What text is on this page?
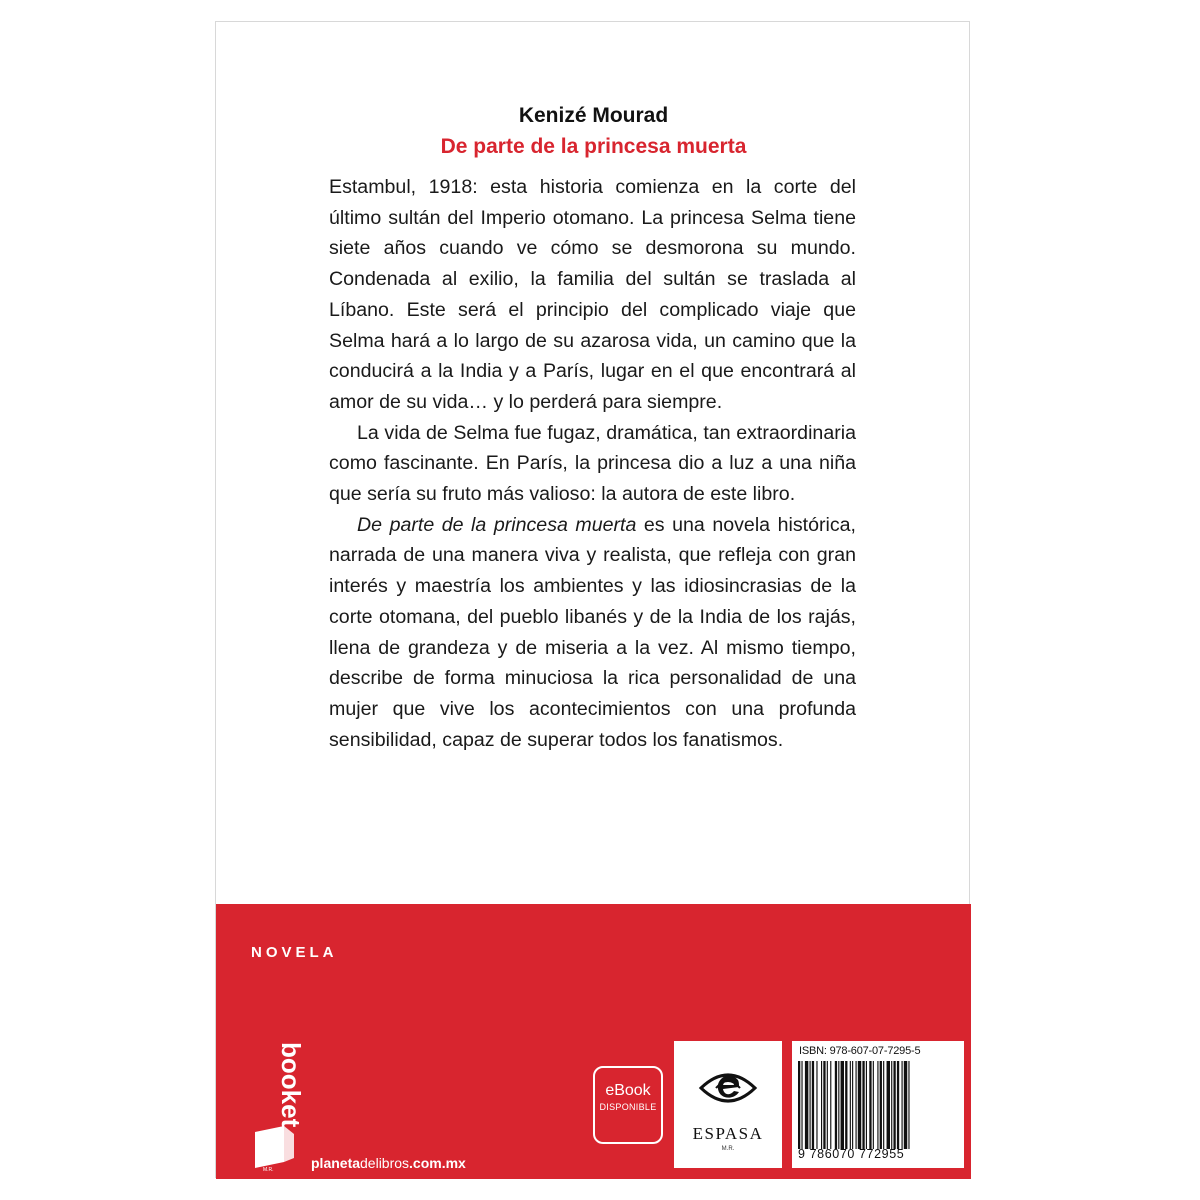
Kenizé Mourad
De parte de la princesa muerta

Estambul, 1918: esta historia comienza en la corte del último sultán del Imperio otomano. La princesa Selma tiene siete años cuando ve cómo se desmorona su mundo. Condenada al exilio, la familia del sultán se traslada al Líbano. Este será el principio del complicado viaje que Selma hará a lo largo de su azarosa vida, un camino que la conducirá a la India y a París, lugar en el que encontrará al amor de su vida… y lo perderá para siempre.

La vida de Selma fue fugaz, dramática, tan extraordinaria como fascinante. En París, la princesa dio a luz a una niña que sería su fruto más valioso: la autora de este libro.

De parte de la princesa muerta es una novela histórica, narrada de una manera viva y realista, que refleja con gran interés y maestría los ambientes y las idiosincrasias de la corte otomana, del pueblo libanés y de la India de los rajás, llena de grandeza y de miseria a la vez. Al mismo tiempo, describe de forma minuciosa la rica personalidad de una mujer que vive los acontecimientos con una profunda sensibilidad, capaz de superar todos los fanatismos.

NOVELA
booket
M.R.	planetadelibros.com.mx
eBook
DISPONIBLE
ESPASA
M.R.
ISBN: 978-607-07-7295-5
9 786070 772955
